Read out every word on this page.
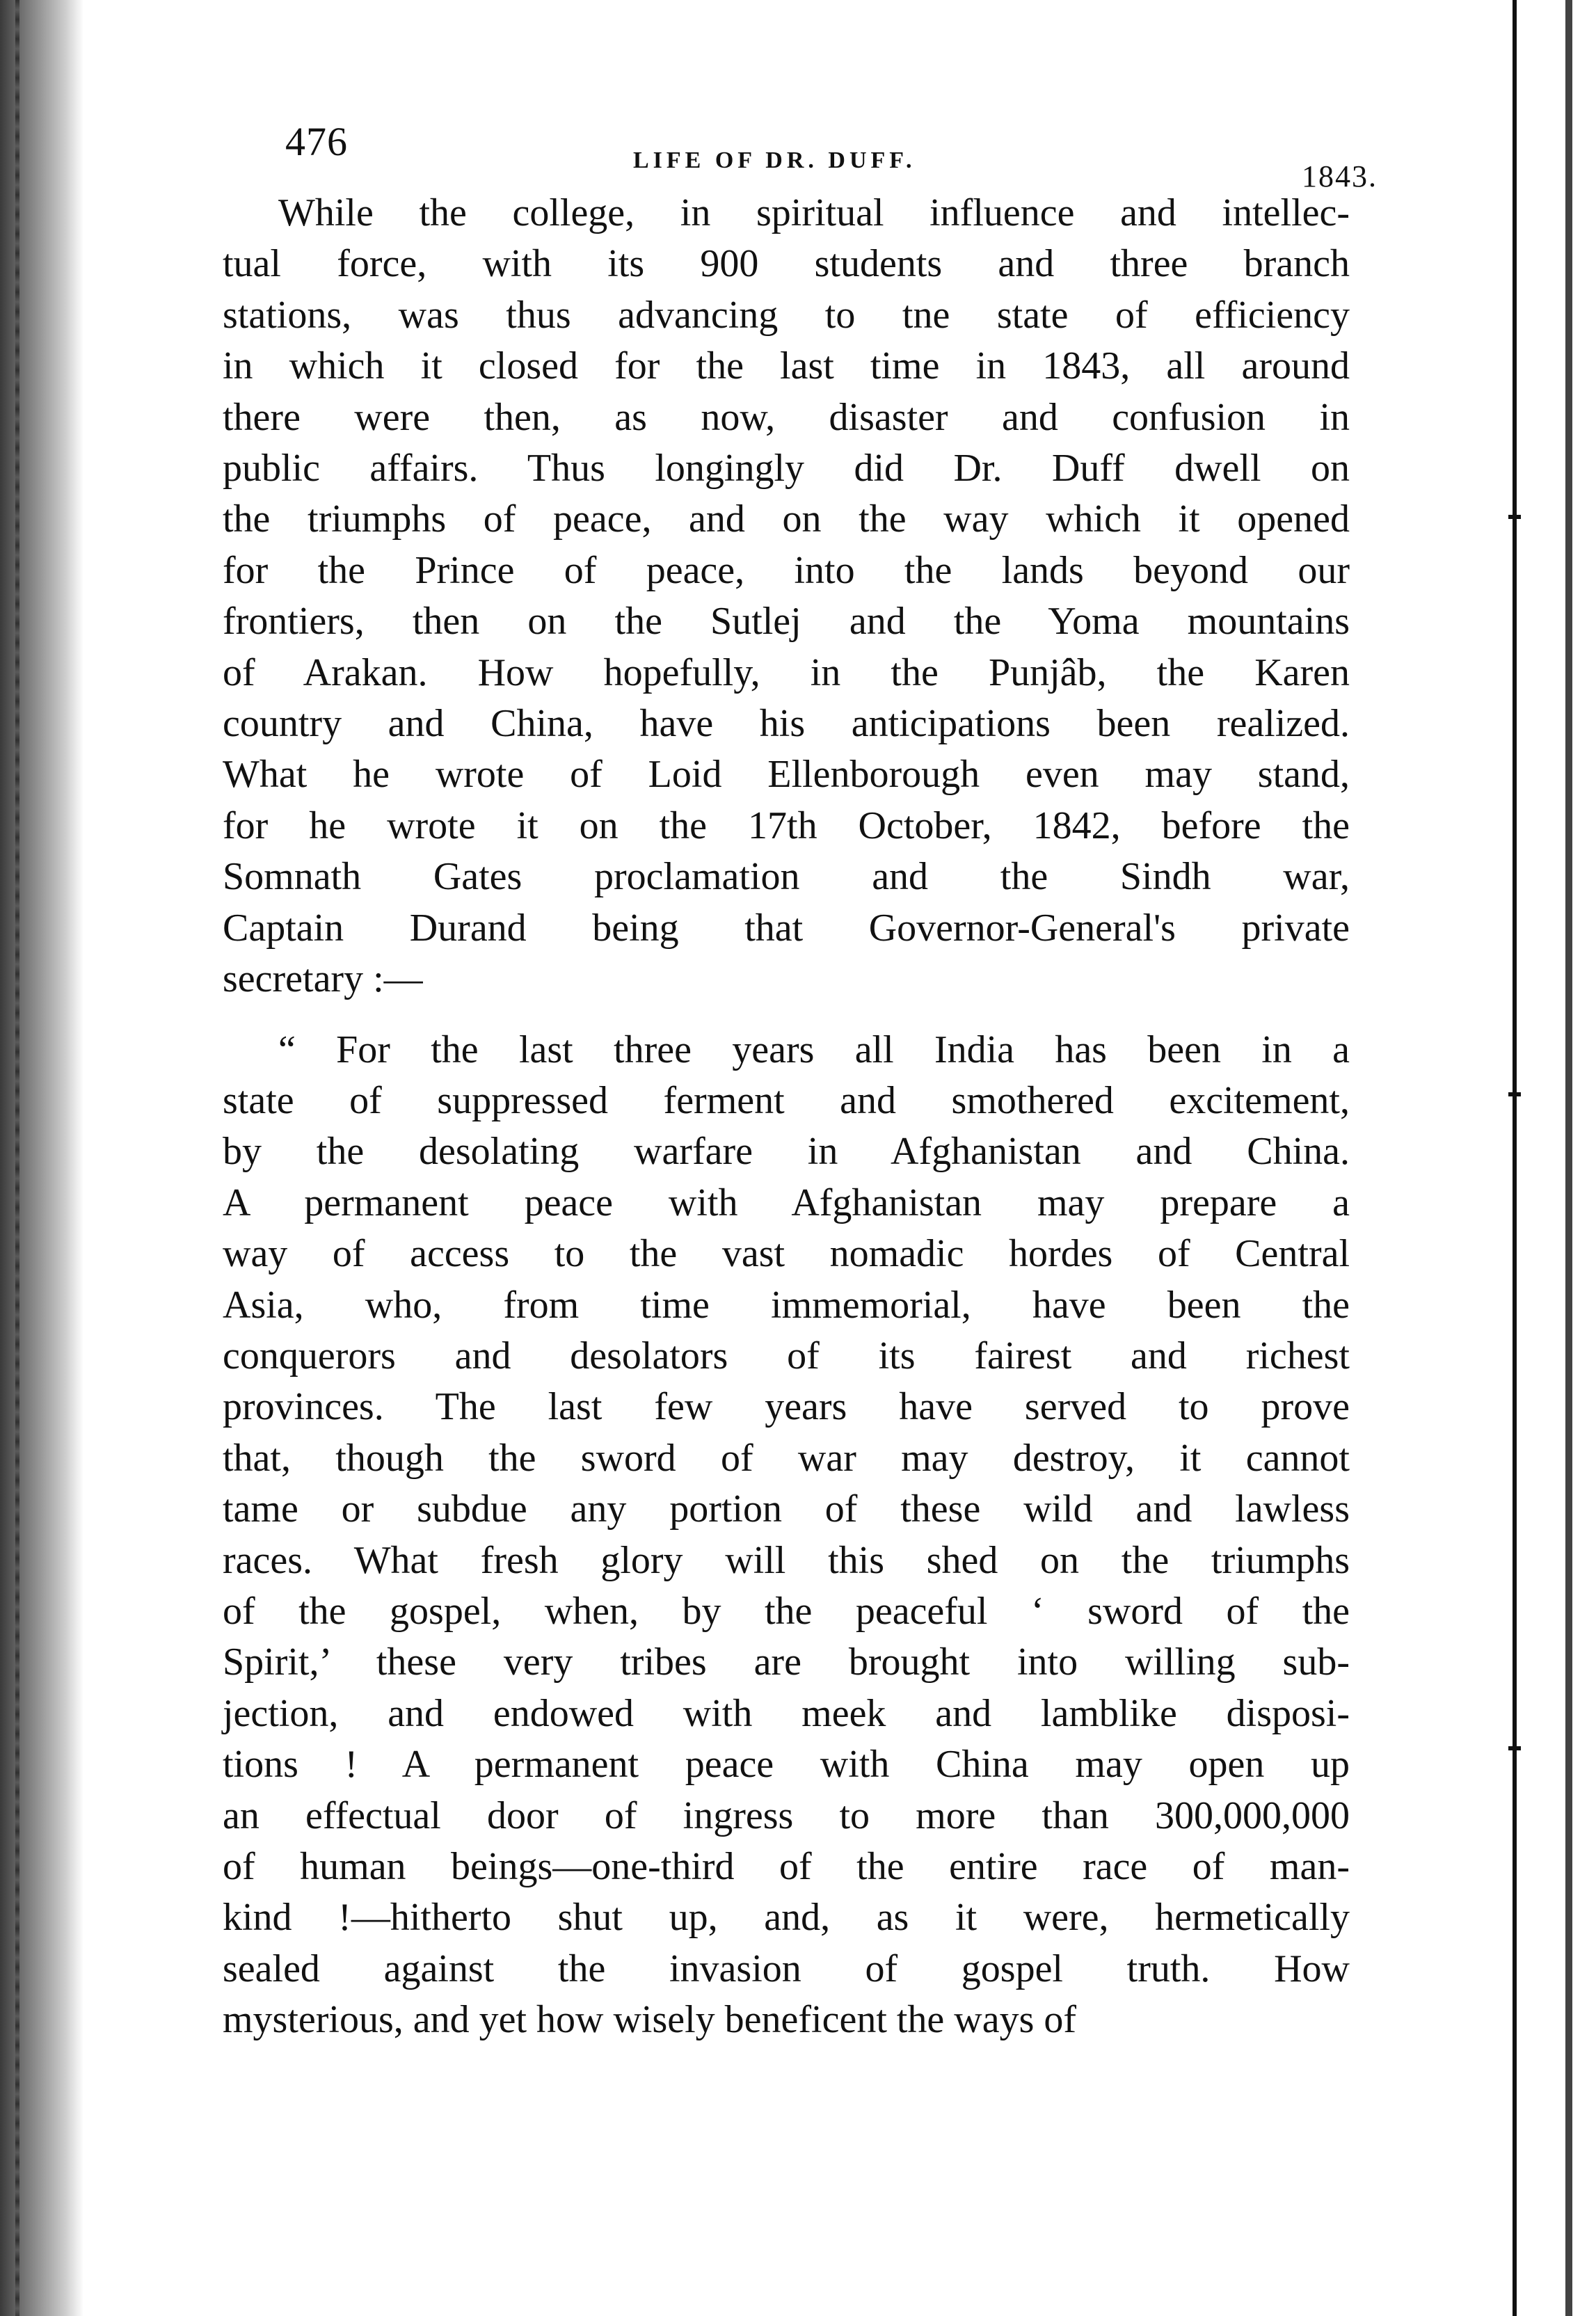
476	LIFE OF DR. DUFF.	1843.

While the college, in spiritual influence and intellec-
tual force, with its 900 students and three branch
stations, was thus advancing to tne state of efficiency
in which it closed for the last time in 1843, all around
there were then, as now, disaster and confusion in
public affairs. Thus longingly did Dr. Duff dwell on
the triumphs of peace, and on the way which it opened
for the Prince of peace, into the lands beyond our
frontiers, then on the Sutlej and the Yoma mountains
of Arakan. How hopefully, in the Punjâb, the Karen
country and China, have his anticipations been realized.
What he wrote of Loid Ellenborough even may stand,
for he wrote it on the 17th October, 1842, before the
Somnath Gates proclamation and the Sindh war,
Captain Durand being that Governor-General's private
secretary :—

“ For the last three years all India has been in a
state of suppressed ferment and smothered excitement,
by the desolating warfare in Afghanistan and China.
A permanent peace with Afghanistan may prepare a
way of access to the vast nomadic hordes of Central
Asia, who, from time immemorial, have been the
conquerors and desolators of its fairest and richest
provinces. The last few years have served to prove
that, though the sword of war may destroy, it cannot
tame or subdue any portion of these wild and lawless
races. What fresh glory will this shed on the triumphs
of the gospel, when, by the peaceful ‘ sword of the
Spirit,’ these very tribes are brought into willing sub-
jection, and endowed with meek and lamblike disposi-
tions ! A permanent peace with China may open up
an effectual door of ingress to more than 300,000,000
of human beings—one-third of the entire race of man-
kind !—hitherto shut up, and, as it were, hermetically
sealed against the invasion of gospel truth. How
mysterious, and yet how wisely beneficent the ways of
